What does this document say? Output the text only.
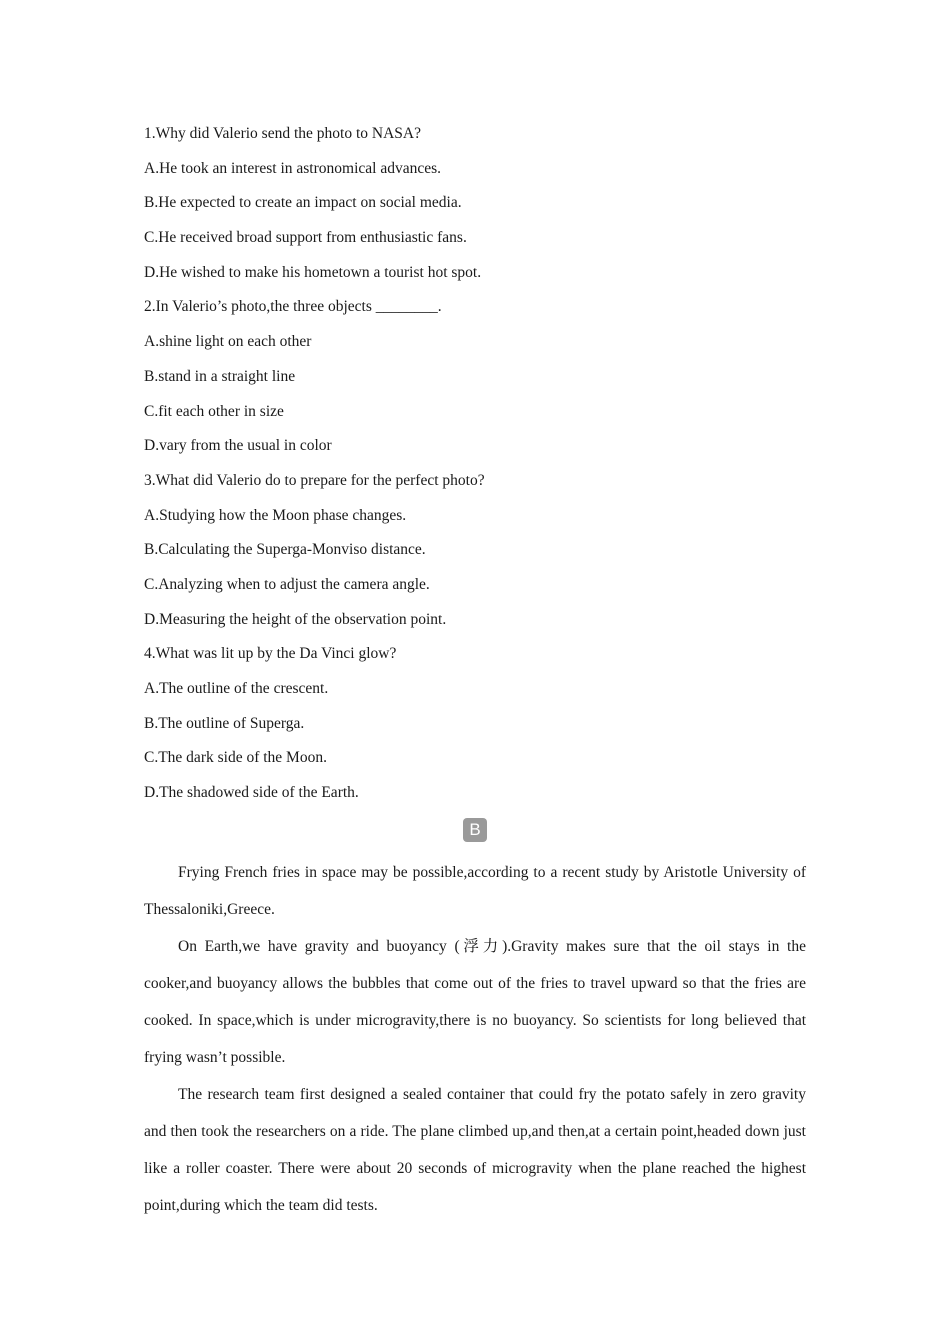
1.Why did Valerio send the photo to NASA?
A.He took an interest in astronomical advances.
B.He expected to create an impact on social media.
C.He received broad support from enthusiastic fans.
D.He wished to make his hometown a tourist hot spot.
2.In Valerio’s photo,the three objects ________.
A.shine light on each other
B.stand in a straight line
C.fit each other in size
D.vary from the usual in color
3.What did Valerio do to prepare for the perfect photo?
A.Studying how the Moon phase changes.
B.Calculating the Superga-Monviso distance.
C.Analyzing when to adjust the camera angle.
D.Measuring the height of the observation point.
4.What was lit up by the Da Vinci glow?
A.The outline of the crescent.
B.The outline of Superga.
C.The dark side of the Moon.
D.The shadowed side of the Earth.
B

Frying French fries in space may be possible,according to a recent study by Aristotle University of Thessaloniki,Greece.

On Earth,we have gravity and buoyancy (浮力).Gravity makes sure that the oil stays in the cooker,and buoyancy allows the bubbles that come out of the fries to travel upward so that the fries are cooked. In space,which is under microgravity,there is no buoyancy. So scientists for long believed that frying wasn’t possible.

The research team first designed a sealed container that could fry the potato safely in zero gravity and then took the researchers on a ride. The plane climbed up,and then,at a certain point,headed down just like a roller coaster. There were about 20 seconds of microgravity when the plane reached the highest point,during which the team did tests.
